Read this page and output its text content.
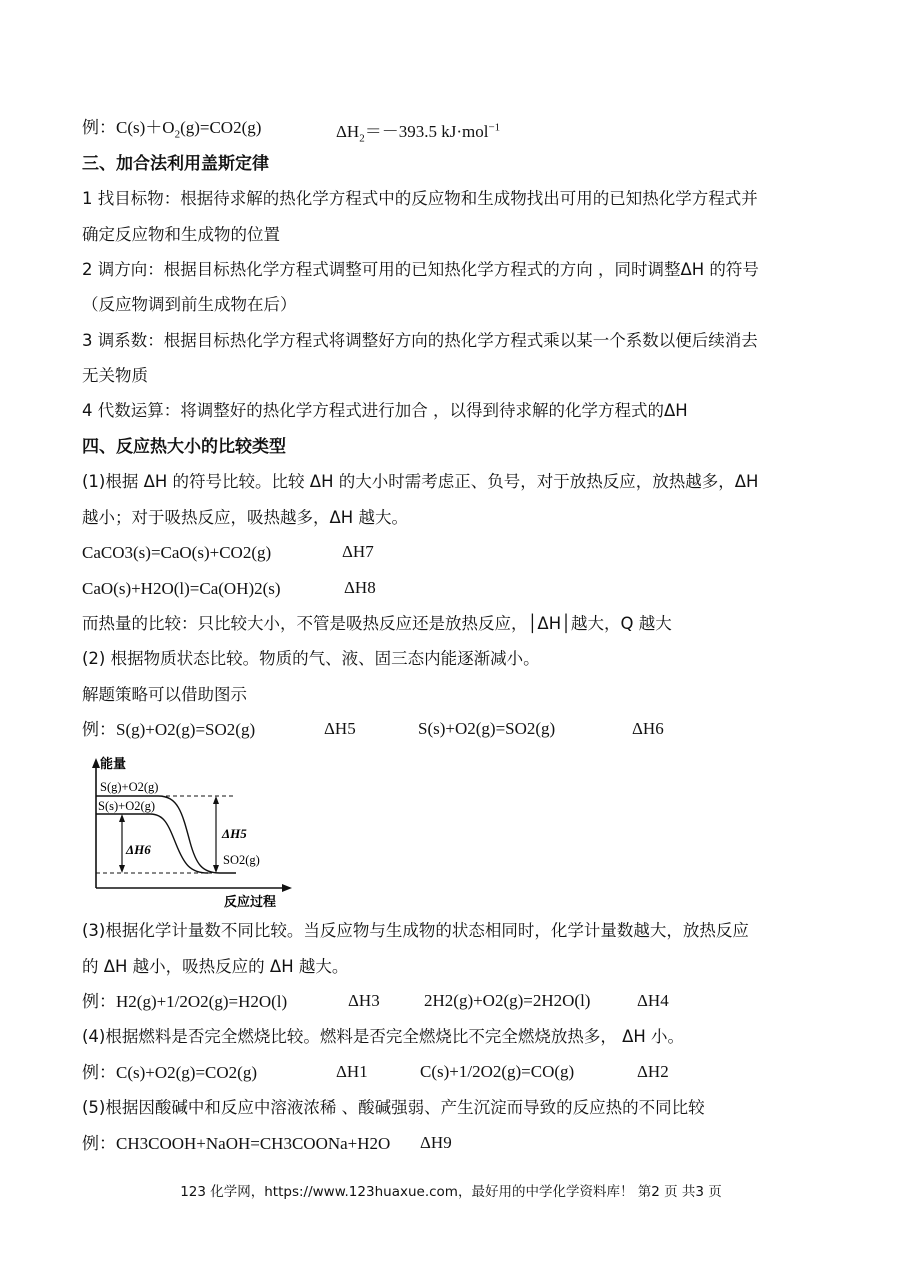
例：$C(s)+O_2(g)=CO2(g)$	$\Delta H_2=-393.5$ kJ·mol$^{-1}$
三、加合法利用盖斯定律
1 找目标物：根据待求解的热化学方程式中的反应物和生成物找出可用的已知热化学方程式并
确定反应物和生成物的位置
2 调方向：根据目标热化学方程式调整可用的已知热化学方程式的方向 ，同时调整ΔH 的符号
（反应物调到前生成物在后）
3 调系数：根据目标热化学方程式将调整好方向的热化学方程式乘以某一个系数以便后续消去
无关物质
4 代数运算：将调整好的热化学方程式进行加合 ，以得到待求解的化学方程式的ΔH
四、反应热大小的比较类型
(1)根据 ΔH 的符号比较。比较 ΔH 的大小时需考虑正、负号，对于放热反应，放热越多，ΔH
越小；对于吸热反应，吸热越多，ΔH 越大。
CaCO3(s)=CaO(s)+CO2(g)	ΔH7
CaO(s)+H2O(l)=Ca(OH)2(s)	ΔH8
而热量的比较：只比较大小，不管是吸热反应还是放热反应，│ΔH│越大，Q 越大
(2) 根据物质状态比较。物质的气、液、固三态内能逐渐减小。
解题策略可以借助图示
例：S(g)+O2(g)=SO2(g)	ΔH5	S(s)+O2(g)=SO2(g)	ΔH6
能量
S(g)+O2(g)
S(s)+O2(g)
ΔH5
ΔH6
SO2(g)
反应过程
(3)根据化学计量数不同比较。当反应物与生成物的状态相同时，化学计量数越大，放热反应
的 ΔH 越小，吸热反应的 ΔH 越大。
例：H2(g)+1/2O2(g)=H2O(l)	ΔH3	2H2(g)+O2(g)=2H2O(l)	ΔH4
(4)根据燃料是否完全燃烧比较。燃料是否完全燃烧比不完全燃烧放热多， ΔH 小。
例：C(s)+O2(g)=CO2(g)	ΔH1	C(s)+1/2O2(g)=CO(g)	ΔH2
(5)根据因酸碱中和反应中溶液浓稀 、酸碱强弱、产生沉淀而导致的反应热的不同比较
例：CH3COOH+NaOH=CH3COONa+H2O ΔH9
123 化学网，https://www.123huaxue.com，最好用的中学化学资料库！ 第2 页 共3 页
